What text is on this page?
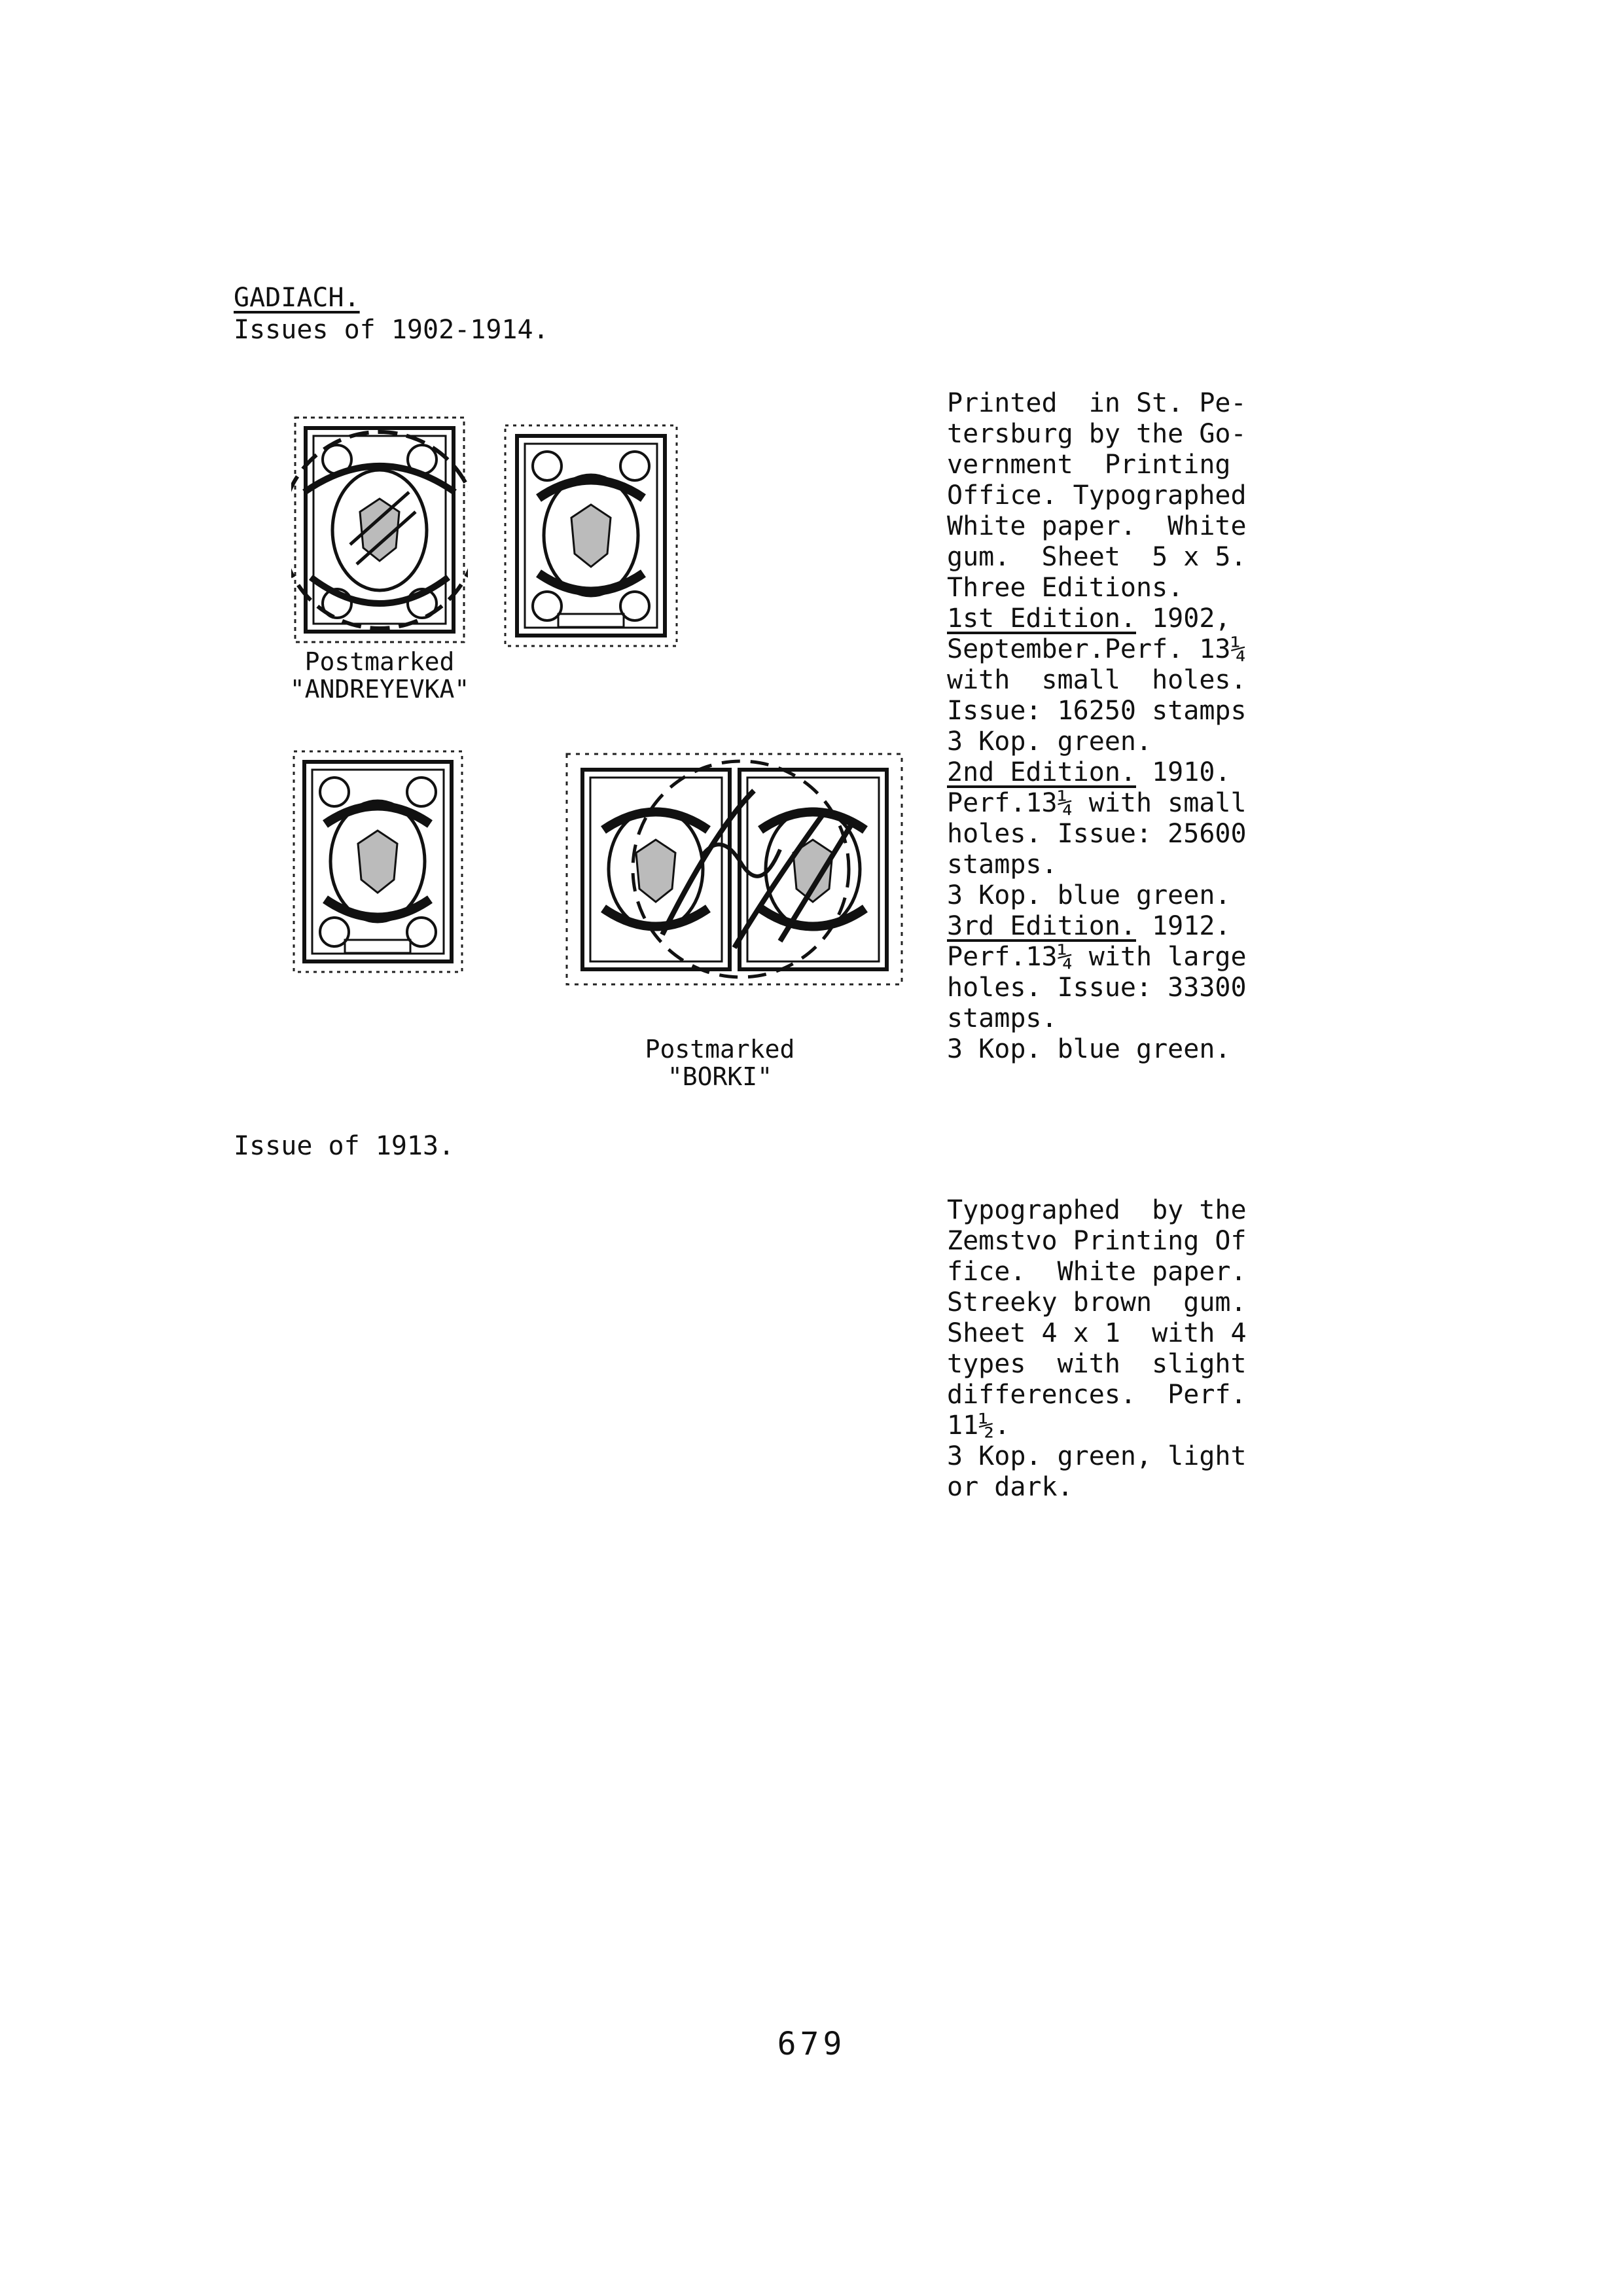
GADIACH.
Issues of 1902-1914.
Postmarked
"ANDREYEVKA"
Postmarked
"BORKI"
Printed  in St. Pe-
tersburg by the Go-
vernment  Printing
Office. Typographed
White paper.  White
gum.  Sheet  5 x 5.
Three Editions.
1st Edition. 1902,
September.Perf. 13¼
with  small  holes.
Issue: 16250 stamps
3 Kop. green.
2nd Edition. 1910.
Perf.13¼ with small
holes. Issue: 25600
stamps.
3 Kop. blue green.
3rd Edition. 1912.
Perf.13¼ with large
holes. Issue: 33300
stamps.
3 Kop. blue green.
Issue of 1913.
Typographed  by the
Zemstvo Printing Of
fice.  White paper.
Streeky brown  gum.
Sheet 4 x 1  with 4
types  with  slight
differences.  Perf.
11½.
3 Kop. green, light
or dark.
679
